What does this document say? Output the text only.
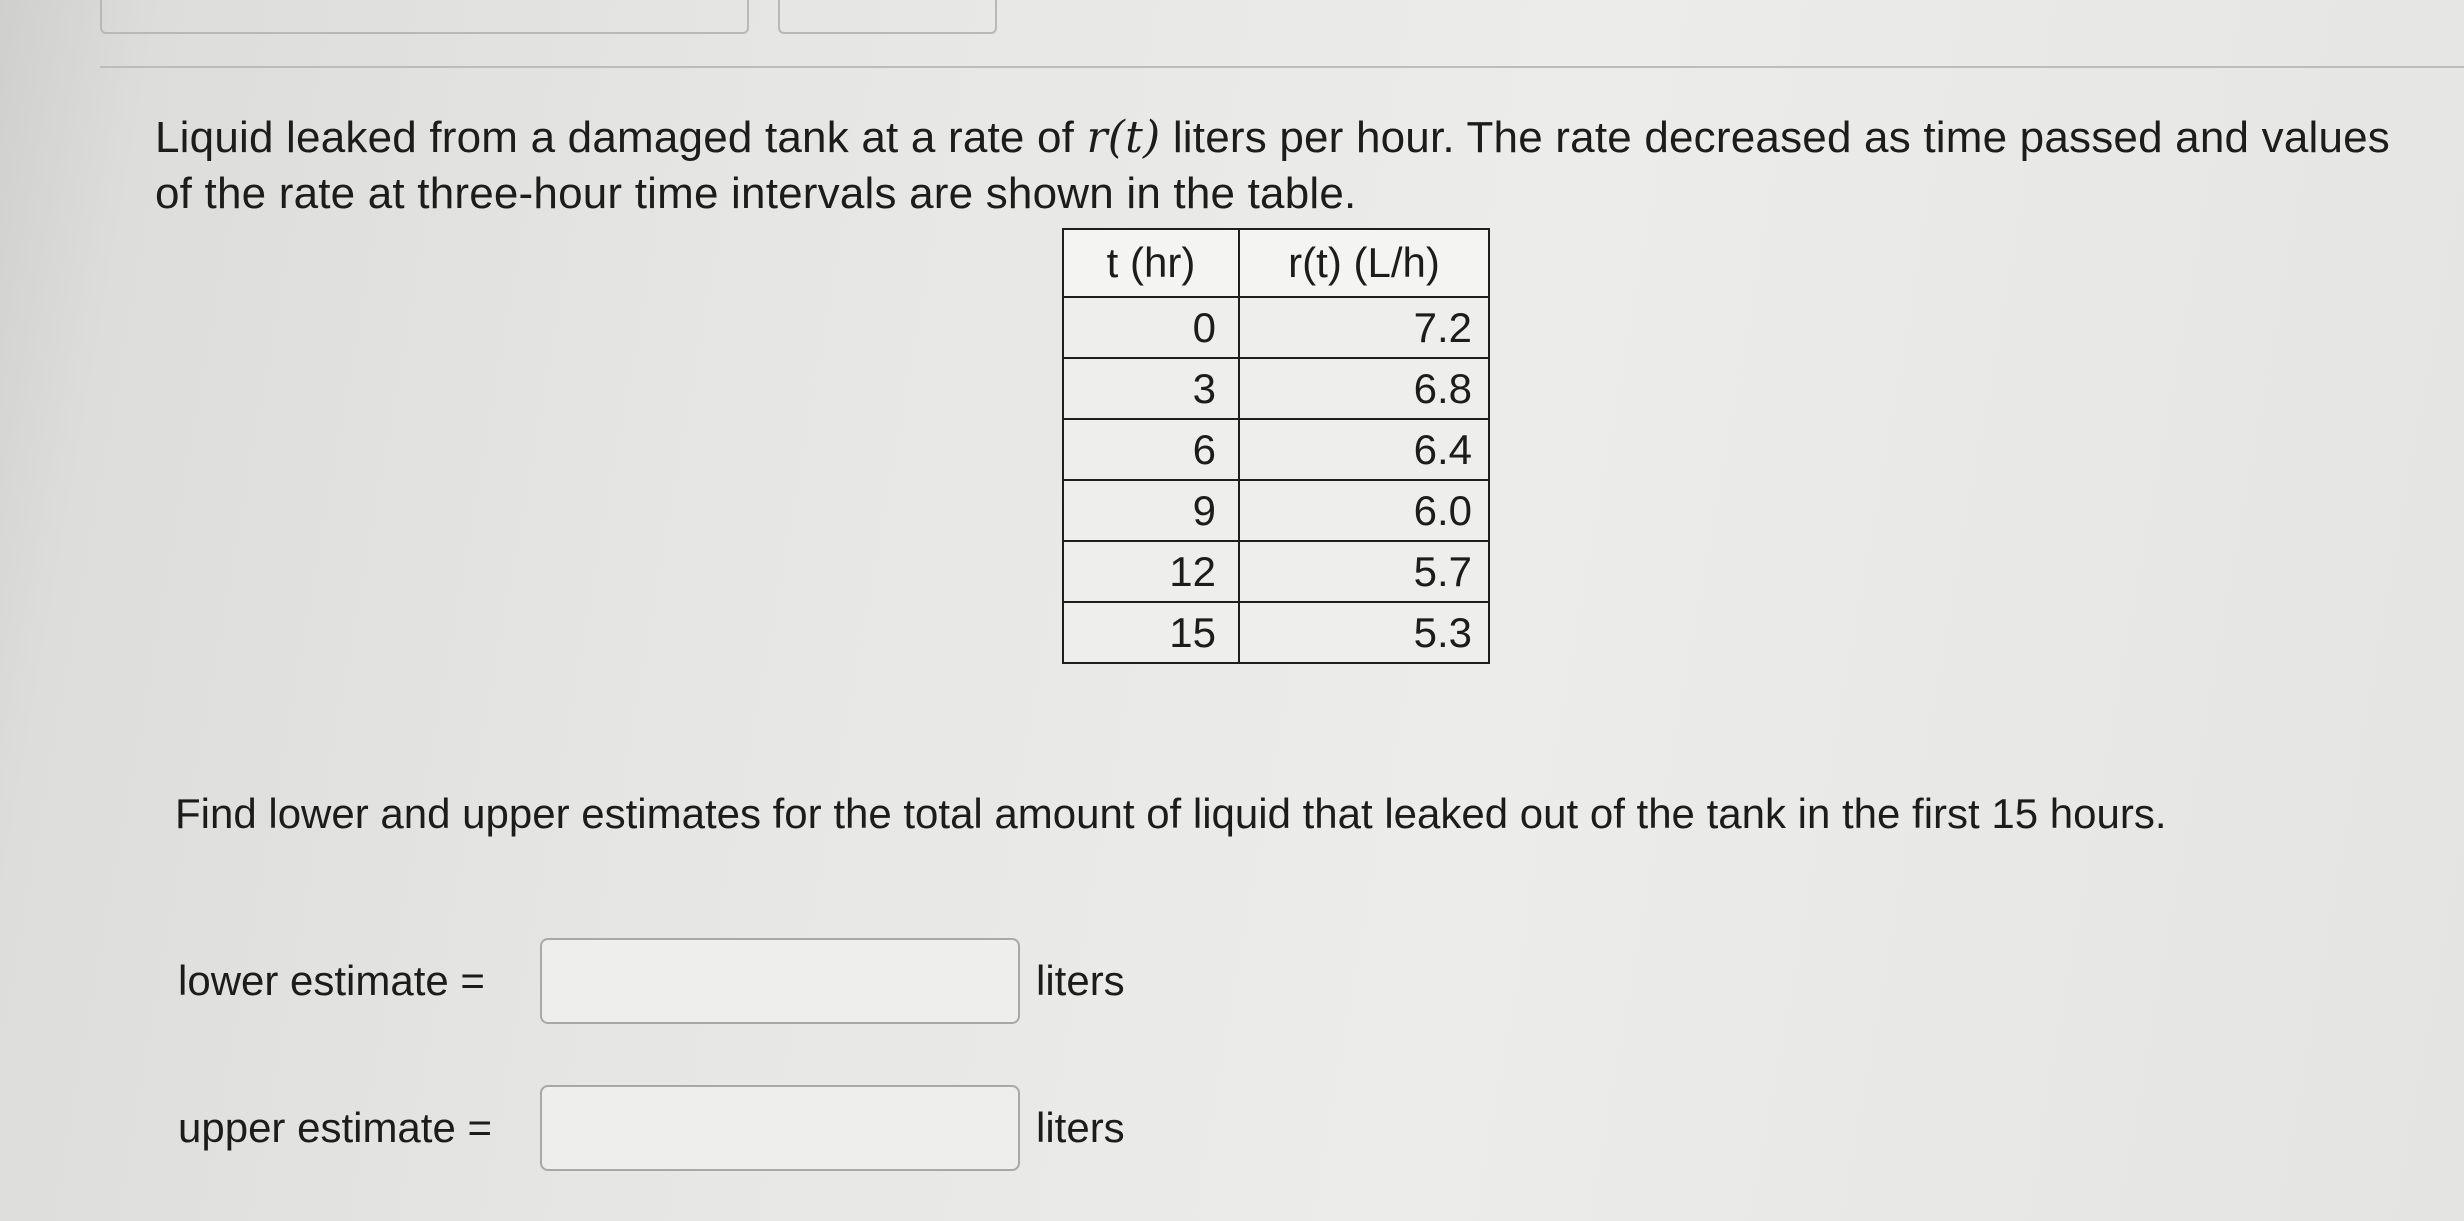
Liquid leaked from a damaged tank at a rate of r(t) liters per hour. The rate decreased as time passed and values of the rate at three-hour time intervals are shown in the table.
t (hr)	r(t) (L/h)
0	7.2
3	6.8
6	6.4
9	6.0
12	5.7
15	5.3
Find lower and upper estimates for the total amount of liquid that leaked out of the tank in the first 15 hours.
lower estimate =	liters
upper estimate =	liters
